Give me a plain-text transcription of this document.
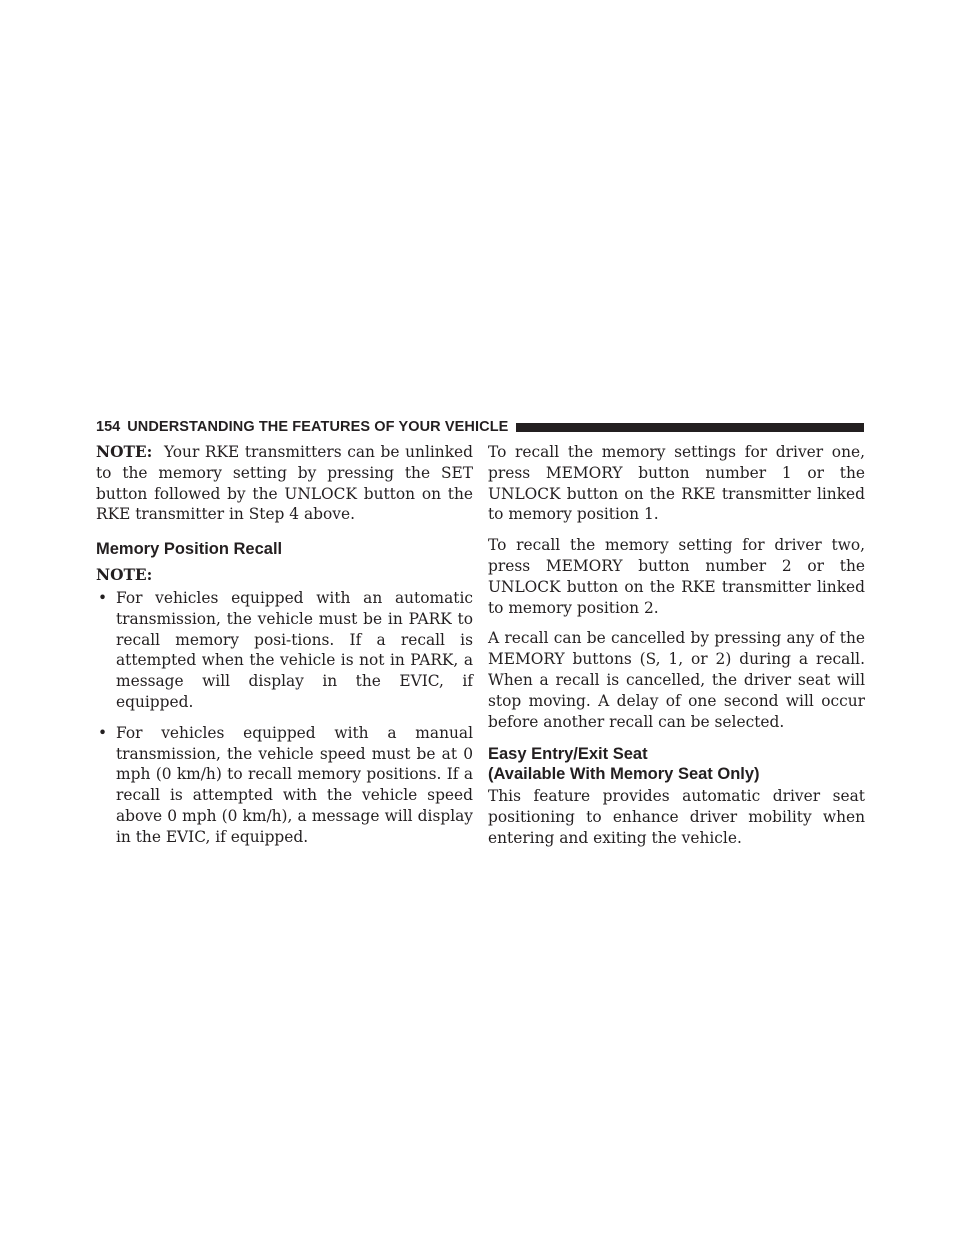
154 UNDERSTANDING THE FEATURES OF YOUR VEHICLE

NOTE: Your RKE transmitters can be unlinked to the memory setting by pressing the SET button followed by the UNLOCK button on the RKE transmitter in Step 4 above.

Memory Position Recall
NOTE:
• For vehicles equipped with an automatic transmission, the vehicle must be in PARK to recall memory posi-tions. If a recall is attempted when the vehicle is not in PARK, a message will display in the EVIC, if equipped.
• For vehicles equipped with a manual transmission, the vehicle speed must be at 0 mph (0 km/h) to recall memory positions. If a recall is attempted with the vehicle speed above 0 mph (0 km/h), a message will display in the EVIC, if equipped.

To recall the memory settings for driver one, press MEMORY button number 1 or the UNLOCK button on the RKE transmitter linked to memory position 1.

To recall the memory setting for driver two, press MEMORY button number 2 or the UNLOCK button on the RKE transmitter linked to memory position 2.

A recall can be cancelled by pressing any of the MEMORY buttons (S, 1, or 2) during a recall. When a recall is cancelled, the driver seat will stop moving. A delay of one second will occur before another recall can be selected.

Easy Entry/Exit Seat
(Available With Memory Seat Only)

This feature provides automatic driver seat positioning to enhance driver mobility when entering and exiting the vehicle.
